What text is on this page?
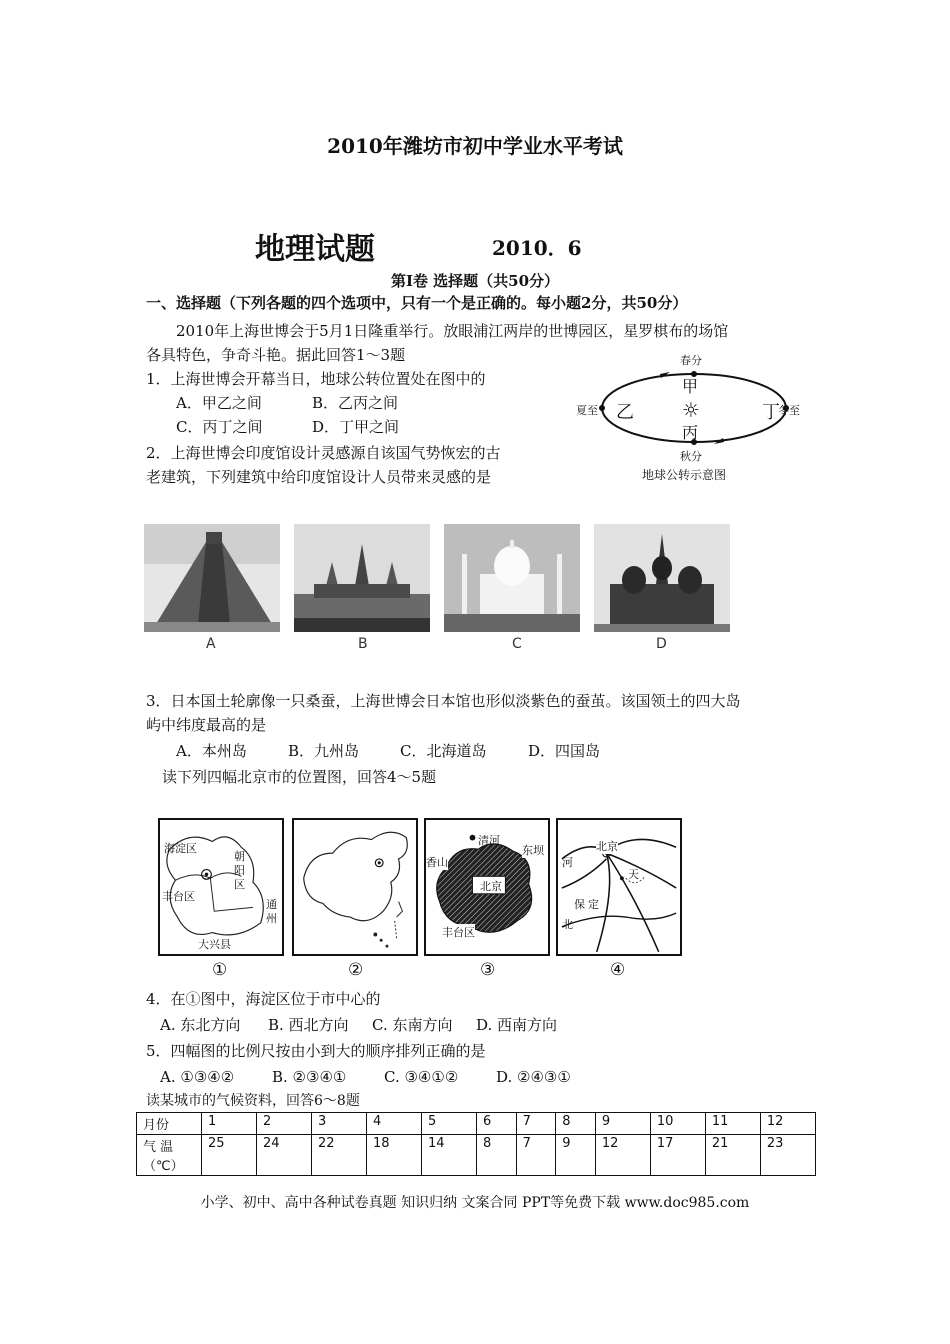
2010年潍坊市初中学业水平考试
地理试题	2010．6
第Ⅰ卷 选择题（共50分）
一、选择题（下列各题的四个选项中，只有一个是正确的。每小题2分，共50分）
2010年上海世博会于5月1日隆重举行。放眼浦江两岸的世博园区，星罗棋布的场馆
各具特色，争奇斗艳。据此回答1～3题
1．上海世博会开幕当日，地球公转位置处在图中的
A．甲乙之间	B．乙丙之间
C．丙丁之间	D．丁甲之间
2．上海世博会印度馆设计灵感源自该国气势恢宏的古
老建筑，下列建筑中给印度馆设计人员带来灵感的是
春分
夏至
秋分
冬至
甲
乙 ☼	丁
丙
地球公转示意图
A	B	C	D
3．日本国土轮廓像一只桑蚕，上海世博会日本馆也形似淡紫色的蚕茧。该国领土的四大岛
屿中纬度最高的是
A．本州岛	B．九州岛	C．北海道岛	D．四国岛
读下列四幅北京市的位置图，回答4～5题
海淀区
朝
阳
区
丰台区
通
州
大兴县
清河
香山
东坝
北京
丰台区
北京
河
天
保 定
北
①	②	③	④
4．在①图中，海淀区位于市中心的
A. 东北方向 B. 西北方向 C. 东南方向 D. 西南方向
5．四幅图的比例尺按由小到大的顺序排列正确的是
A. ①③④②	B. ②③④①	C. ③④①②	D. ②④③①
读某城市的气候资料，回答6～8题
月份	1	2	3	4	5	6	7	8	9	10	11	12

气 温
（℃）	25	24	22	18	14	8	7	9	12	17	21	23
小学、初中、高中各种试卷真题 知识归纳 文案合同 PPT等免费下载 www.doc985.com
